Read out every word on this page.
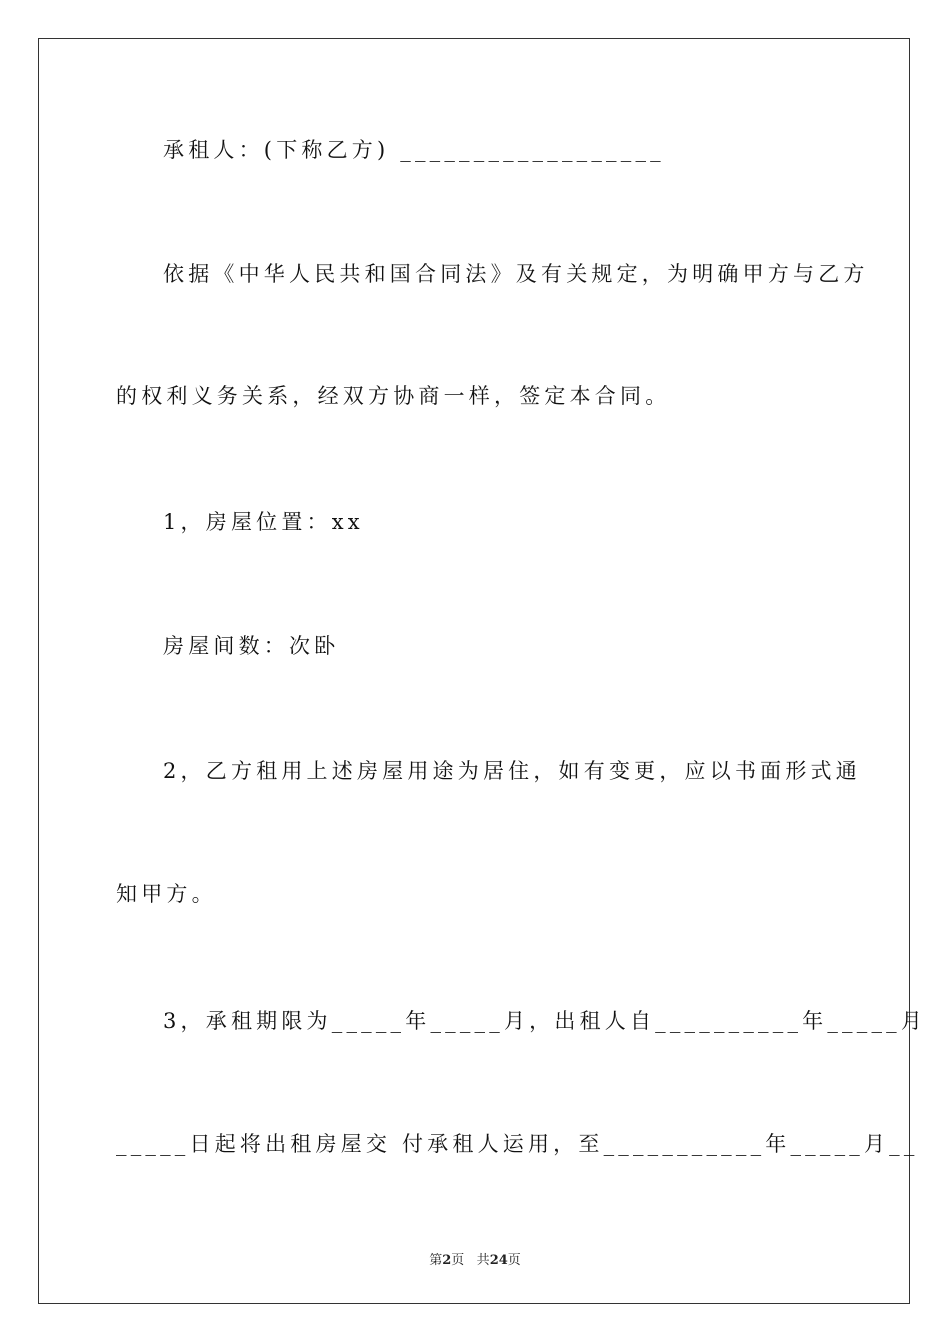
承租人：(下称乙方) __________________
依据《中华人民共和国合同法》及有关规定，为明确甲方与乙方
的权利义务关系，经双方协商一样，签定本合同。
1，房屋位置：xx
房屋间数：次卧
2，乙方租用上述房屋用途为居住，如有变更，应以书面形式通
知甲方。
3，承租期限为_____年_____月，出租人自__________年_____月
_____日起将出租房屋交 付承租人运用，至___________年_____月__
第2页 共24页
